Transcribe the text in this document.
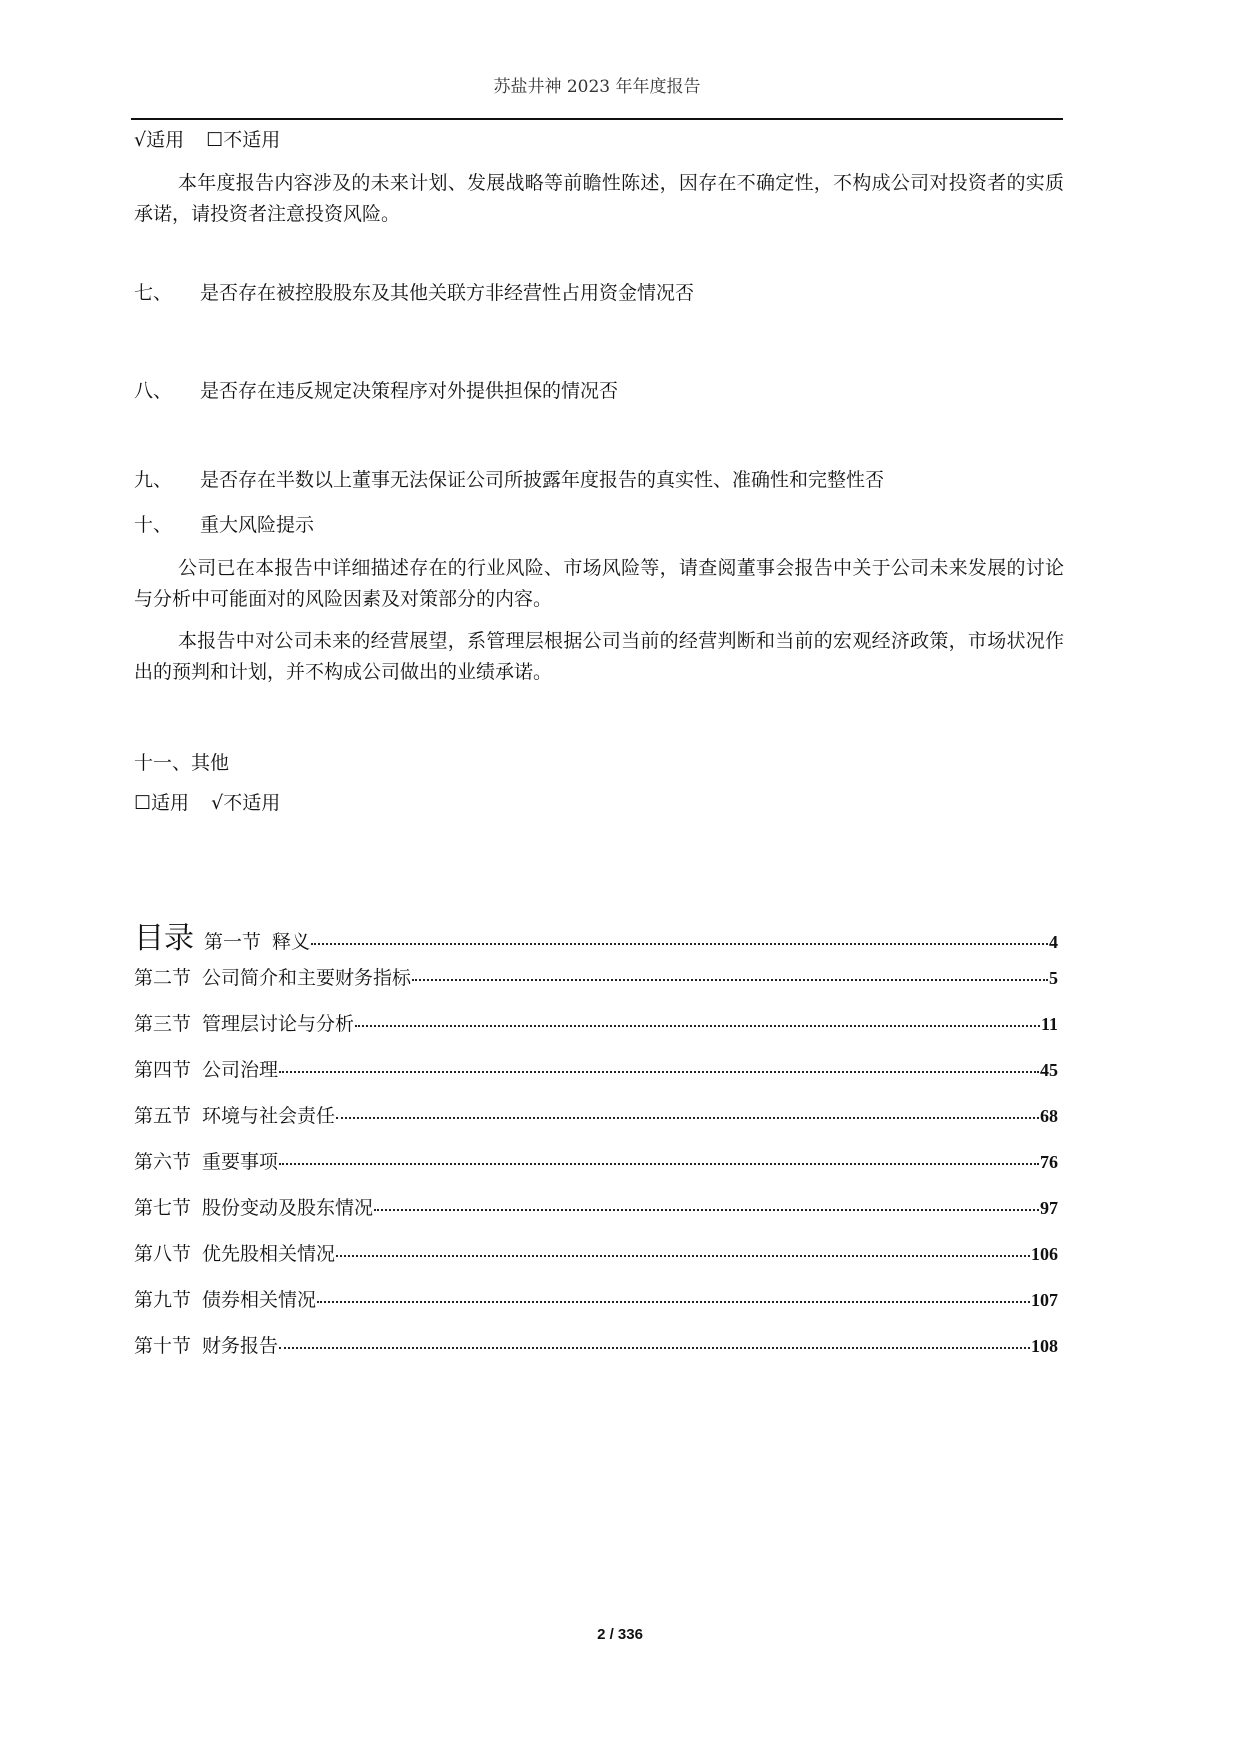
苏盐井神 2023 年年度报告
√适用 ☐不适用
本年度报告内容涉及的未来计划、发展战略等前瞻性陈述，因存在不确定性，不构成公司对投资者的实质承诺，请投资者注意投资风险。
七、 是否存在被控股股东及其他关联方非经营性占用资金情况否
八、 是否存在违反规定决策程序对外提供担保的情况否
九、 是否存在半数以上董事无法保证公司所披露年度报告的真实性、准确性和完整性否
十、 重大风险提示
公司已在本报告中详细描述存在的行业风险、市场风险等，请查阅董事会报告中关于公司未来发展的讨论与分析中可能面对的风险因素及对策部分的内容。
本报告中对公司未来的经营展望，系管理层根据公司当前的经营判断和当前的宏观经济政策，市场状况作出的预判和计划，并不构成公司做出的业绩承诺。
十一、其他
☐适用 √不适用
目录 第一节 释义	4
第二节 公司简介和主要财务指标	5
第三节 管理层讨论与分析	11
第四节 公司治理	45
第五节 环境与社会责任	68
第六节 重要事项	76
第七节 股份变动及股东情况	97
第八节 优先股相关情况	106
第九节 债券相关情况	107
第十节 财务报告	108
2 / 336
